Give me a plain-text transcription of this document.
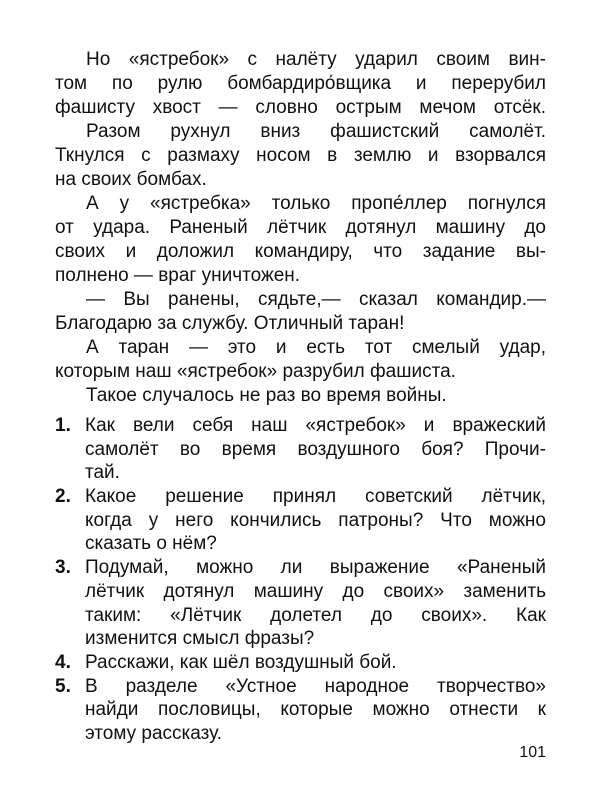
Но «ястребок» с налёту ударил своим вин-
том по рулю бомбардиро́вщика и перерубил
фашисту хвост — словно острым мечом отсёк.
Разом рухнул вниз фашистский самолёт.
Ткнулся с размаху носом в землю и взорвался
на своих бомбах.
А у «ястребка» только пропе́ллер погнулся
от удара. Раненый лётчик дотянул машину до
своих и доложил командиру, что задание вы-
полнено — враг уничтожен.
— Вы ранены, сядьте,— сказал командир.—
Благодарю за службу. Отличный таран!
А таран — это и есть тот смелый удар,
которым наш «ястребок» разрубил фашиста.
Такое случалось не раз во время войны.
1. Как вели себя наш «ястребок» и вражеский
самолёт во время воздушного боя? Прочи-
тай.
2. Какое решение принял советский лётчик,
когда у него кончились патроны? Что можно
сказать о нём?
3. Подумай, можно ли выражение «Раненый
лётчик дотянул машину до своих» заменить
таким: «Лётчик долетел до своих». Как
изменится смысл фразы?
4. Расскажи, как шёл воздушный бой.
5. В разделе «Устное народное творчество»
найди пословицы, которые можно отнести к
этому рассказу.
101
